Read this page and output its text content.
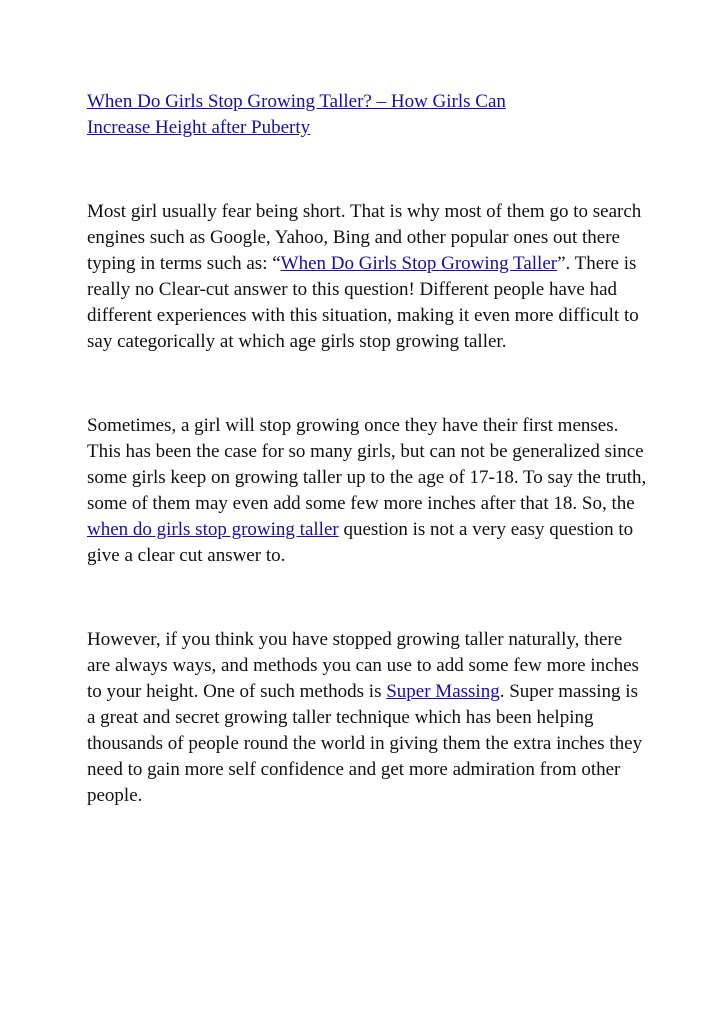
When Do Girls Stop Growing Taller? – How Girls Can
Increase Height after Puberty

Most girl usually fear being short. That is why most of them go to search engines such as Google, Yahoo, Bing and other popular ones out there typing in terms such as: “When Do Girls Stop Growing Taller”. There is really no Clear-cut answer to this question! Different people have had different experiences with this situation, making it even more difficult to say categorically at which age girls stop growing taller.

Sometimes, a girl will stop growing once they have their first menses. This has been the case for so many girls, but can not be generalized since some girls keep on growing taller up to the age of 17-18. To say the truth, some of them may even add some few more inches after that 18. So, the when do girls stop growing taller question is not a very easy question to give a clear cut answer to.

However, if you think you have stopped growing taller naturally, there are always ways, and methods you can use to add some few more inches to your height. One of such methods is Super Massing. Super massing is a great and secret growing taller technique which has been helping thousands of people round the world in giving them the extra inches they need to gain more self confidence and get more admiration from other people.
